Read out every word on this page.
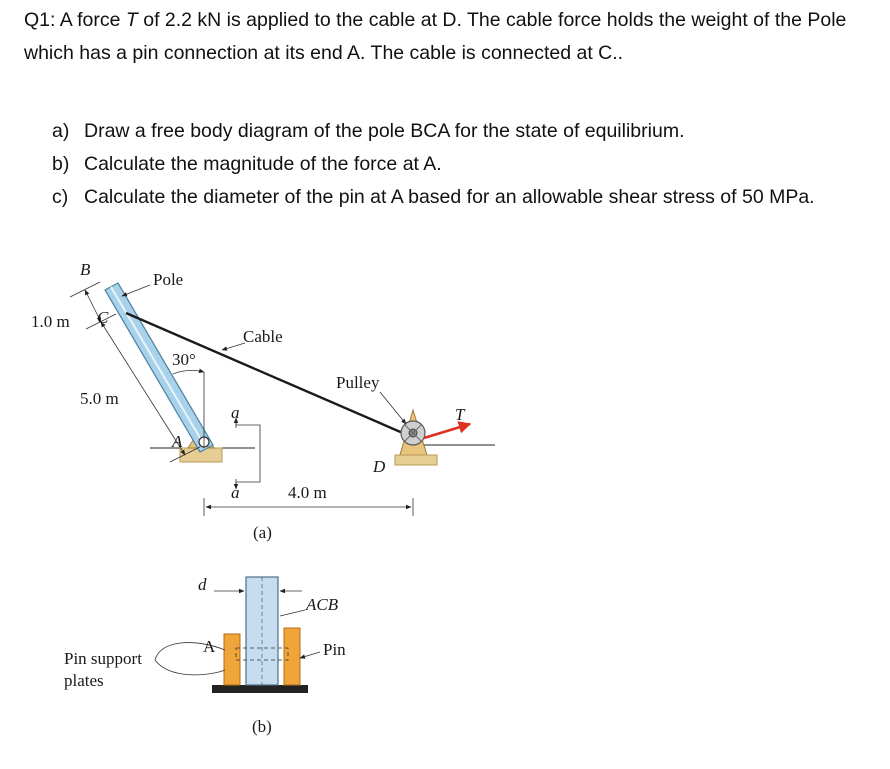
Q1: A force T of 2.2 kN is applied to the cable at D. The cable force holds the weight of the Pole which has a pin connection at its end A. The cable is connected at C..

a) Draw a free body diagram of the pole BCA for the state of equilibrium.
b) Calculate the magnitude of the force at A.
c) Calculate the diameter of the pin at A based for an allowable shear stress of 50 MPa.
B
C
A
D
T
Pole
Cable
Pulley
1.0 m
5.0 m
4.0 m
30°
a
a
(a)
d
A
ACB
Pin
Pin support
plates
(b)
